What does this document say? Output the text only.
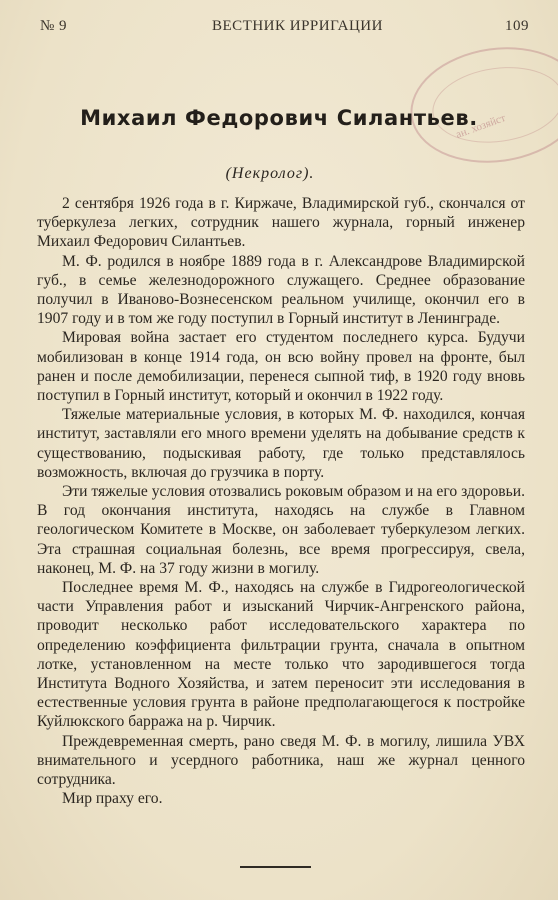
№ 9	ВЕСТНИК ИРРИГАЦИИ	109
ан. хозяйст
Михаил Федорович Силантьев.
(Некролог).

2 сентября 1926 года в г. Киржаче, Владимирской губ., скончался от туберкулеза легких, сотрудник нашего журнала, горный инженер Михаил Федорович Силантьев.

М. Ф. родился в ноябре 1889 года в г. Александрове Владимирской губ., в семье железнодорожного служащего. Среднее образование получил в Иваново-Вознесенском реальном училище, окончил его в 1907 году и в том же году поступил в Горный институт в Ленинграде.

Мировая война застает его студентом последнего курса. Будучи мобилизован в конце 1914 года, он всю войну провел на фронте, был ранен и после демобилизации, перенеся сыпной тиф, в 1920 году вновь поступил в Горный институт, который и окончил в 1922 году.

Тяжелые материальные условия, в которых М. Ф. находился, кончая институт, заставляли его много времени уделять на добывание средств к существованию, подыскивая работу, где только представлялось возможность, включая до грузчика в порту.

Эти тяжелые условия отозвались роковым образом и на его здоровьи. В год окончания института, находясь на службе в Главном геологическом Комитете в Москве, он заболевает туберкулезом легких. Эта страшная социальная болезнь, все время прогрессируя, свела, наконец, М. Ф. на 37 году жизни в могилу.

Последнее время М. Ф., находясь на службе в Гидрогеологической части Управления работ и изысканий Чирчик-Ангренского района, проводит несколько работ исследовательского характера по определению коэффициента фильтрации грунта, сначала в опытном лотке, установленном на месте только что зародившегося тогда Института Водного Хозяйства, и затем переносит эти исследования в естественные условия грунта в районе предполагающегося к постройке Куйлюкского барража на р. Чирчик.

Преждевременная смерть, рано сведя М. Ф. в могилу, лишила УВХ внимательного и усердного работника, наш же журнал ценного сотрудника.

Мир праху его.
